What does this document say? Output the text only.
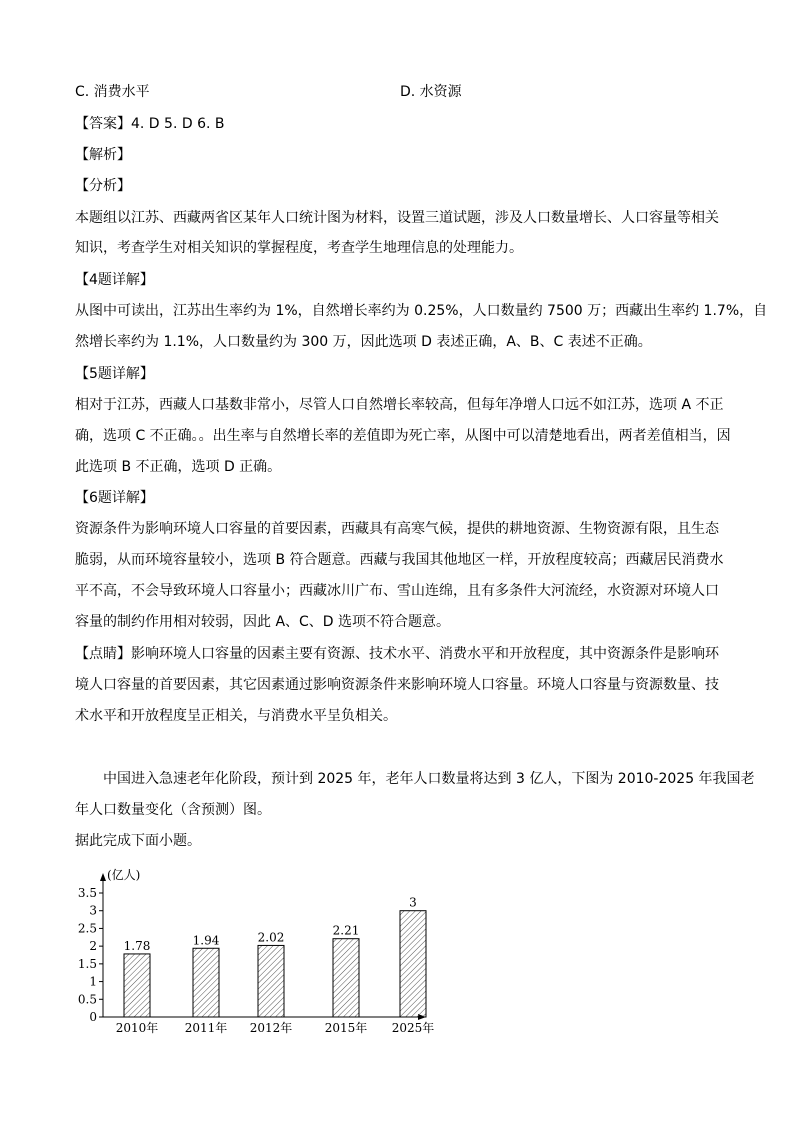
C. 消费水平	D. 水资源
【答案】4. D 5. D 6. B
【解析】
【分析】
本题组以江苏、西藏两省区某年人口统计图为材料，设置三道试题，涉及人口数量增长、人口容量等相关
知识，考查学生对相关知识的掌握程度，考查学生地理信息的处理能力。
【4题详解】
从图中可读出，江苏出生率约为 1%，自然增长率约为 0.25%，人口数量约 7500 万；西藏出生率约 1.7%，自
然增长率约为 1.1%，人口数量约为 300 万，因此选项 D 表述正确，A、B、C 表述不正确。
【5题详解】
相对于江苏，西藏人口基数非常小，尽管人口自然增长率较高，但每年净增人口远不如江苏，选项 A 不正
确，选项 C 不正确。。出生率与自然增长率的差值即为死亡率，从图中可以清楚地看出，两者差值相当，因
此选项 B 不正确，选项 D 正确。
【6题详解】
资源条件为影响环境人口容量的首要因素，西藏具有高寒气候，提供的耕地资源、生物资源有限，且生态
脆弱，从而环境容量较小，选项 B 符合题意。西藏与我国其他地区一样，开放程度较高；西藏居民消费水
平不高，不会导致环境人口容量小；西藏冰川广布、雪山连绵，且有多条件大河流经，水资源对环境人口
容量的制约作用相对较弱，因此 A、C、D 选项不符合题意。
【点睛】影响环境人口容量的因素主要有资源、技术水平、消费水平和开放程度，其中资源条件是影响环
境人口容量的首要因素，其它因素通过影响资源条件来影响环境人口容量。环境人口容量与资源数量、技
术水平和开放程度呈正相关，与消费水平呈负相关。
中国进入急速老年化阶段，预计到 2025 年，老年人口数量将达到 3 亿人，下图为 2010-2025 年我国老
年人口数量变化（含预测）图。
据此完成下面小题。
(亿人)
0
0.5
1
1.5
2
2.5
3
3.5
1.78
2010年
1.94
2011年
2.02
2012年
2.21
2015年
3
2025年
